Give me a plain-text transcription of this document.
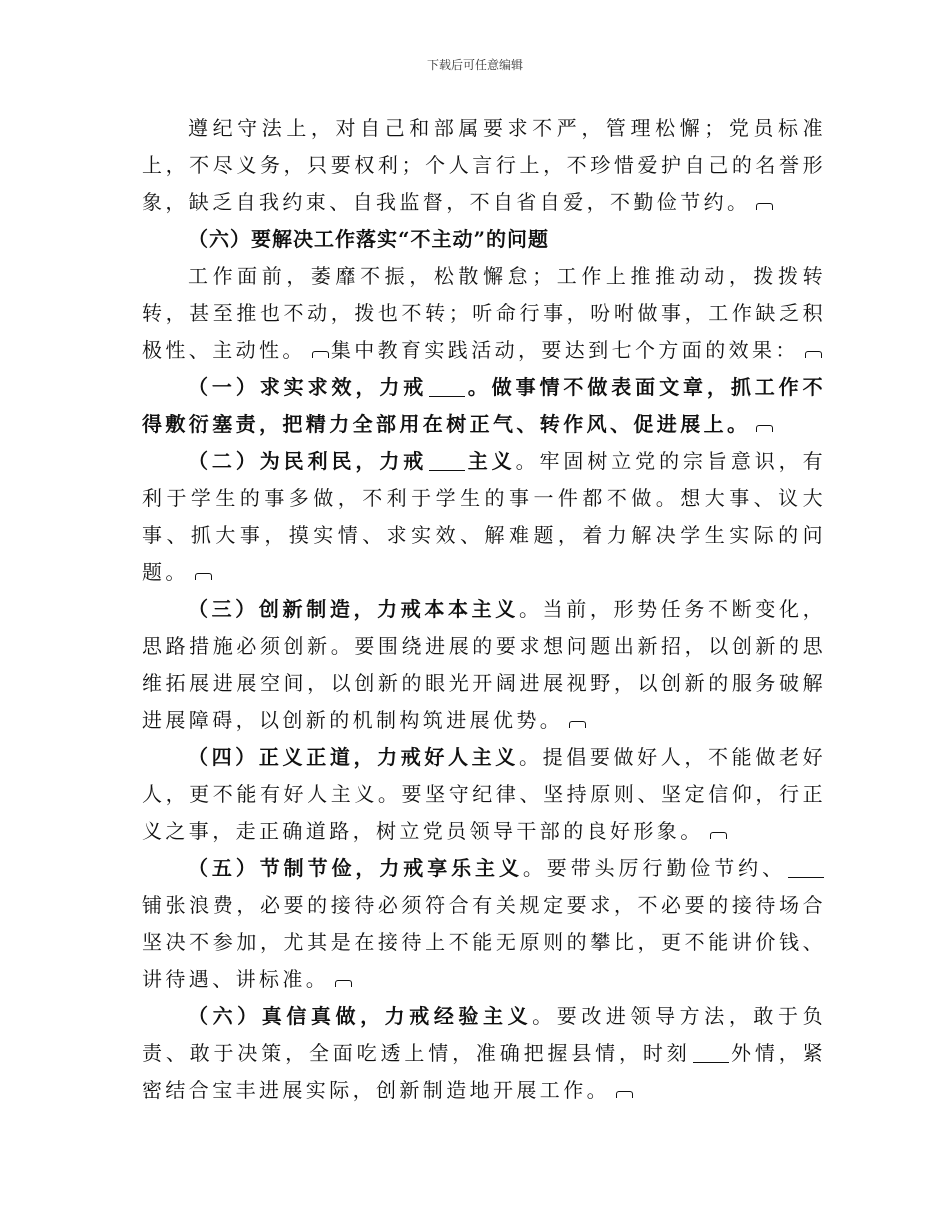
下载后可任意编辑

遵纪守法上，对自己和部属要求不严，管理松懈；党员标准上，不尽义务，只要权利；个人言行上，不珍惜爱护自己的名誉形象，缺乏自我约束、自我监督，不自省自爱，不勤俭节约。

（六）要解决工作落实“不主动”的问题

工作面前，萎靡不振，松散懈怠；工作上推推动动，拨拨转转，甚至推也不动，拨也不转；听命行事，吩咐做事，工作缺乏积极性、主动性。 集中教育实践活动，要达到七个方面的效果：

（一）求实求效，力戒 。做事情不做表面文章，抓工作不得敷衍塞责，把精力全部用在树正气、转作风、促进展上。

（二）为民利民，力戒 主义。牢固树立党的宗旨意识，有利于学生的事多做，不利于学生的事一件都不做。想大事、议大事、抓大事，摸实情、求实效、解难题，着力解决学生实际的问题。

（三）创新制造，力戒本本主义。当前，形势任务不断变化，思路措施必须创新。要围绕进展的要求想问题出新招，以创新的思维拓展进展空间，以创新的眼光开阔进展视野，以创新的服务破解进展障碍，以创新的机制构筑进展优势。

（四）正义正道，力戒好人主义。提倡要做好人，不能做老好人，更不能有好人主义。要坚守纪律、坚持原则、坚定信仰，行正义之事，走正确道路，树立党员领导干部的良好形象。

（五）节制节俭，力戒享乐主义。要带头厉行勤俭节约、铺张浪费，必要的接待必须符合有关规定要求，不必要的接待场合坚决不参加，尤其是在接待上不能无原则的攀比，更不能讲价钱、讲待遇、讲标准。

（六）真信真做，力戒经验主义。要改进领导方法，敢于负责、敢于决策，全面吃透上情，准确把握县情，时刻 外情，紧密结合宝丰进展实际，创新制造地开展工作。
